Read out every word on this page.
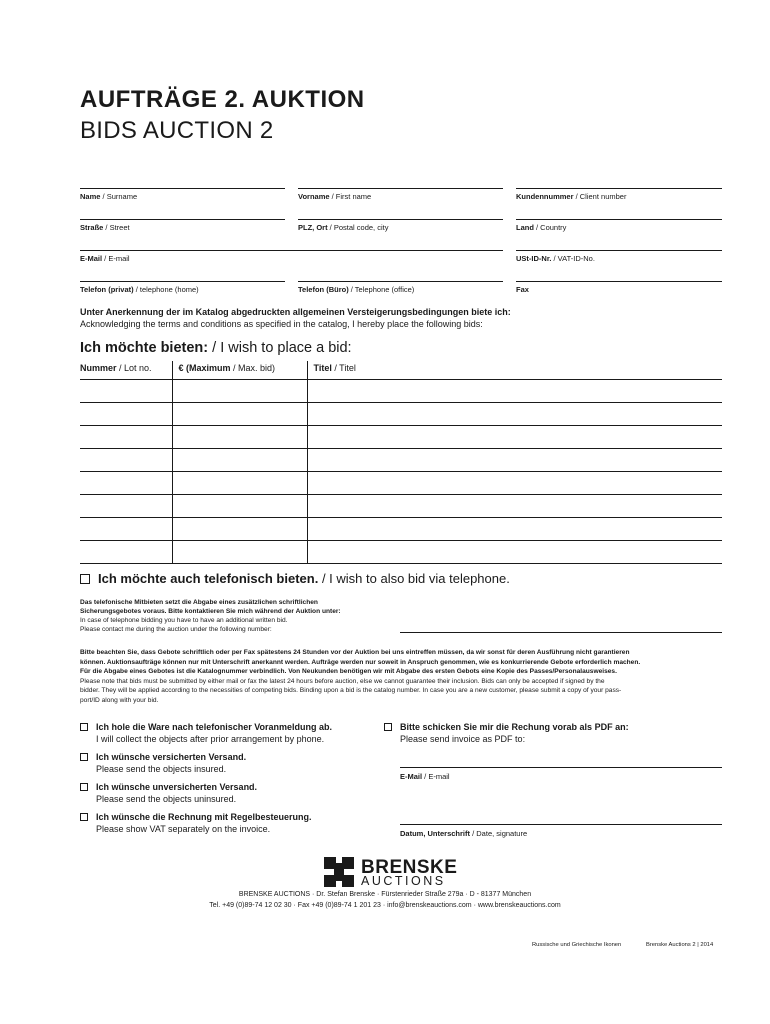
AUFTRÄGE 2. AUKTION
BIDS AUCTION 2
Name / Surname	Vorname / First name	Kundennummer / Client number
Straße / Street	PLZ, Ort / Postal code, city	Land / Country
E-Mail / E-mail	USt-ID-Nr. / VAT-ID-No.
Telefon (privat) / telephone (home)	Telefon (Büro) / Telephone (office)	Fax
Unter Anerkennung der im Katalog abgedruckten allgemeinen Versteigerungsbedingungen biete ich:
Acknowledging the terms and conditions as specified in the catalog, I hereby place the following bids:
Ich möchte bieten: / I wish to place a bid:
Nummer / Lot no.	€ (Maximum / Max. bid)	Titel / Titel

Ich möchte auch telefonisch bieten. / I wish to also bid via telephone.
Das telefonische Mitbieten setzt die Abgabe eines zusätzlichen schriftlichen
Sicherungsgebotes voraus. Bitte kontaktieren Sie mich während der Auktion unter:
In case of telephone bidding you have to have an additional written bid.
Please contact me during the auction under the following number:
Bitte beachten Sie, dass Gebote schriftlich oder per Fax spätestens 24 Stunden vor der Auktion bei uns eintreffen müssen, da wir sonst für deren Ausführung nicht garantieren
können. Auktionsaufträge können nur mit Unterschrift anerkannt werden. Aufträge werden nur soweit in Anspruch genommen, wie es konkurrierende Gebote erforderlich machen.
Für die Abgabe eines Gebotes ist die Katalognummer verbindlich. Von Neukunden benötigen wir mit Abgabe des ersten Gebots eine Kopie des Passes/Personalausweises.
Please note that bids must be submitted by either mail or fax the latest 24 hours before auction, else we cannot guarantee their inclusion. Bids can only be accepted if signed by the
bidder. They will be applied according to the necessities of competing bids. Binding upon a bid is the catalog number. In case you are a new customer, please submit a copy of your pass-
port/ID along with your bid.
Ich hole die Ware nach telefonischer Voranmeldung ab.
I will collect the objects after prior arrangement by phone.
Ich wünsche versicherten Versand.
Please send the objects insured.
Ich wünsche unversicherten Versand.
Please send the objects uninsured.
Ich wünsche die Rechnung mit Regelbesteuerung.
Please show VAT separately on the invoice.
Bitte schicken Sie mir die Rechung vorab als PDF an:
Please send invoice as PDF to:
E-Mail / E-mail
Datum, Unterschrift / Date, signature
BRENSKE
AUCTIONS
BRENSKE AUCTIONS · Dr. Stefan Brenske · Fürstenrieder Straße 279a · D - 81377 München
Tel. +49 (0)89-74 12 02 30 · Fax +49 (0)89-74 1 201 23 · info@brenskeauctions.com · www.brenskeauctions.com
Russische und Griechische Ikonen	Brenske Auctions 2 | 2014
